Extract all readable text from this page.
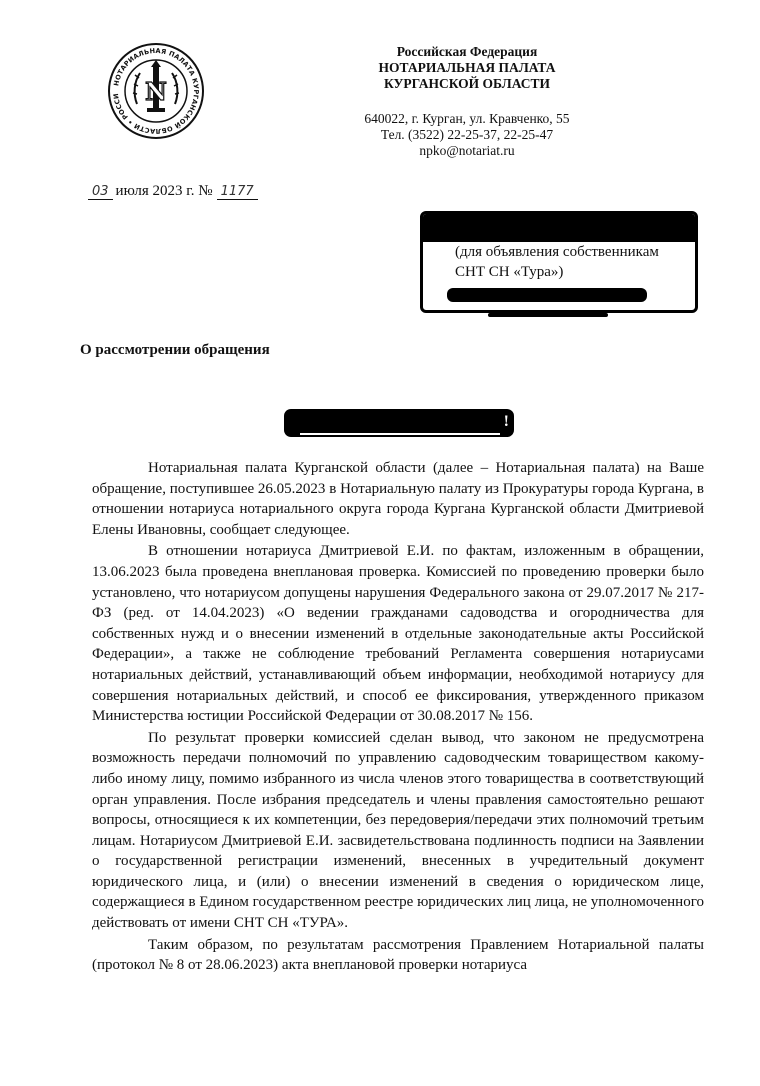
НОТАРИАЛЬНАЯ ПАЛАТА КУРГАНСКОЙ ОБЛАСТИ • РОССИ	N
Российская Федерация
НОТАРИАЛЬНАЯ ПАЛАТА
КУРГАНСКОЙ ОБЛАСТИ
640022, г. Курган, ул. Кравченко, 55
Тел. (3522) 22-25-37, 22-25-47
npko@notariat.ru
03 июля 2023 г. № 1177
(для объявления собственникам
СНТ СН «Тура»)
О рассмотрении обращения
!

Нотариальная палата Курганской области (далее – Нотариальная палата) на Ваше обращение, поступившее 26.05.2023 в Нотариальную палату из Прокуратуры города Кургана, в отношении нотариуса нотариального округа города Кургана Курганской области Дмитриевой Елены Ивановны, сообщает следующее.

В отношении нотариуса Дмитриевой Е.И. по фактам, изложенным в обращении, 13.06.2023 была проведена внеплановая проверка. Комиссией по проведению проверки было установлено, что нотариусом допущены нарушения Федерального закона от 29.07.2017 № 217-ФЗ (ред. от 14.04.2023) «О ведении гражданами садоводства и огородничества для собственных нужд и о внесении изменений в отдельные законодательные акты Российской Федерации», а также не соблюдение требований Регламента совершения нотариусами нотариальных действий, устанавливающий объем информации, необходимой нотариусу для совершения нотариальных действий, и способ ее фиксирования, утвержденного приказом Министерства юстиции Российской Федерации от 30.08.2017 № 156.

По результат проверки комиссией сделан вывод, что законом не предусмотрена возможность передачи полномочий по управлению садоводческим товариществом какому-либо иному лицу, помимо избранного из числа членов этого товарищества в соответствующий орган управления. После избрания председатель и члены правления самостоятельно решают вопросы, относящиеся к их компетенции, без передоверия/передачи этих полномочий третьим лицам. Нотариусом Дмитриевой Е.И. засвидетельствована подлинность подписи на Заявлении о государственной регистрации изменений, внесенных в учредительный документ юридического лица, и (или) о внесении изменений в сведения о юридическом лице, содержащиеся в Едином государственном реестре юридических лиц лица, не уполномоченного действовать от имени СНТ СН «ТУРА».

Таким образом, по результатам рассмотрения Правлением Нотариальной палаты (протокол № 8 от 28.06.2023) акта внеплановой проверки нотариуса
